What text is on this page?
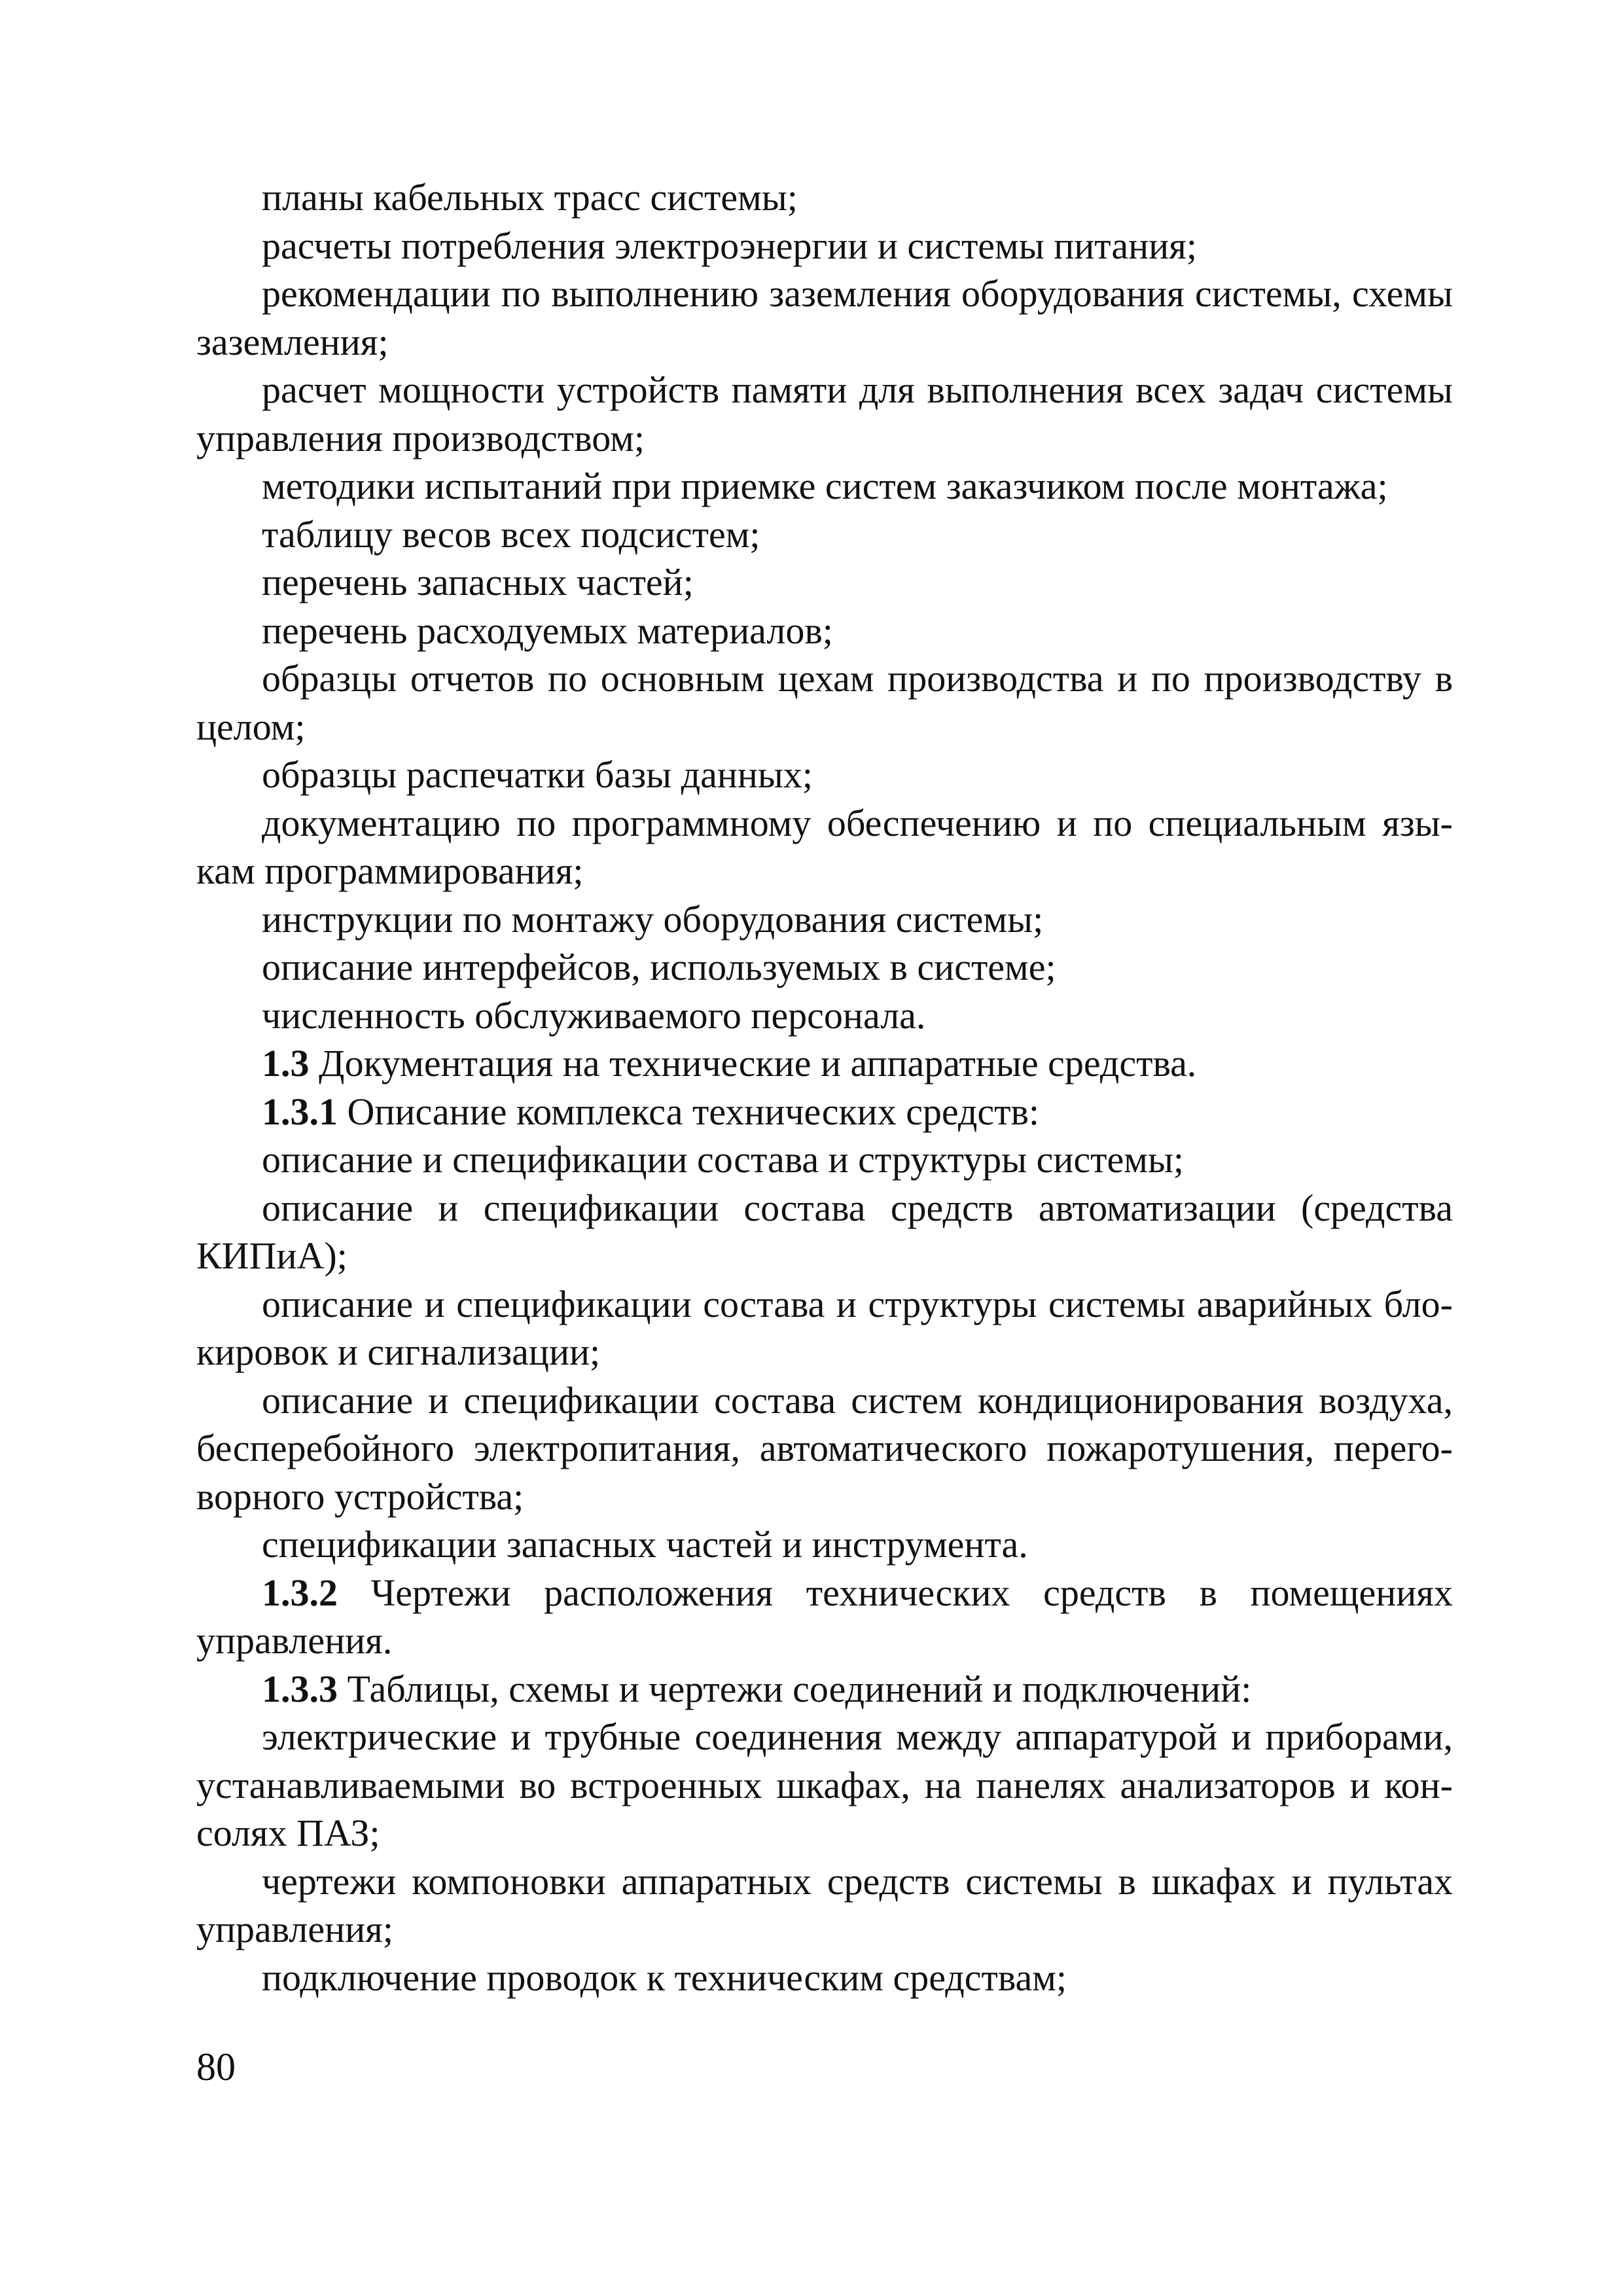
планы кабельных трасс системы;

расчеты потребления электроэнергии и системы питания;

рекомендации по выполнению заземления оборудования системы, схемы заземления;

расчет мощности устройств памяти для выполнения всех задач системы управления производством;

методики испытаний при приемке систем заказчиком после монтажа;

таблицу весов всех подсистем;

перечень запасных частей;

перечень расходуемых материалов;

образцы отчетов по основным цехам производства и по производству в целом;

образцы распечатки базы данных;

документацию по программному обеспечению и по специальным языкам программирования;

инструкции по монтажу оборудования системы;

описание интерфейсов, используемых в системе;

численность обслуживаемого персонала.

1.3 Документация на технические и аппаратные средства.

1.3.1 Описание комплекса технических средств:

описание и спецификации состава и структуры системы;

описание и спецификации состава средств автоматизации (средства КИПиА);

описание и спецификации состава и структуры системы аварийных блокировок и сигнализации;

описание и спецификации состава систем кондиционирования воздуха, бесперебойного электропитания, автоматического пожаротушения, переговорного устройства;

спецификации запасных частей и инструмента.

1.3.2 Чертежи расположения технических средств в помещениях управления.

1.3.3 Таблицы, схемы и чертежи соединений и подключений:

электрические и трубные соединения между аппаратурой и приборами, устанавливаемыми во встроенных шкафах, на панелях анализаторов и консолях ПАЗ;

чертежи компоновки аппаратных средств системы в шкафах и пультах управления;

подключение проводок к техническим средствам;

80
